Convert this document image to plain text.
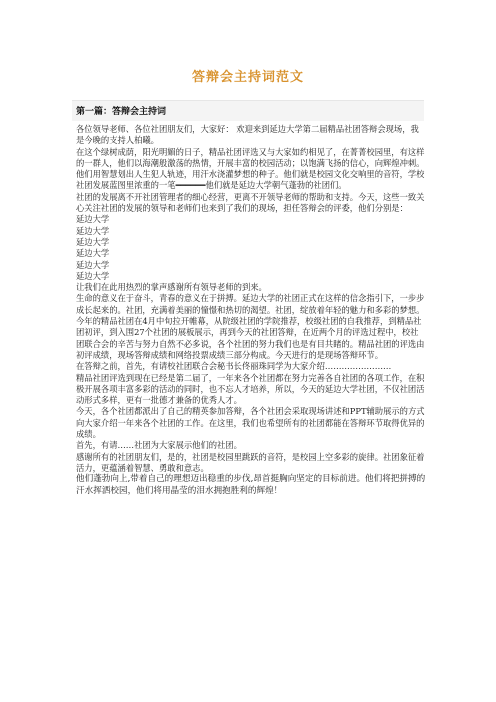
答辩会主持词范文
第一篇：答辩会主持词

各位领导老师、各位社团朋友们，大家好： 欢迎来到延边大学第二届精品社团答辩会现场，我是今晚的支持人柏曦。

在这个绿树成荫，阳光明媚的日子，精品社团评选又与大家如约相见了，在菁菁校园里，有这样的一群人，他们以海潮般激荡的热情，开展丰富的校园活动；以饱满飞扬的信心，向辉煌冲刺。他们用智慧划出人生犯人轨迹，用汗水浇灌梦想的种子。他们就是校园文化交响里的音符，学校社团发展蓝图里浓重的一笔━━━━━━他们就是延边大学朝气蓬勃的社团们。

社团的发展离不开社团管理者的细心经营，更离不开领导老师的帮助和支持。今天，这些一致关心关注社团的发展的领导和老师们也来到了我们的现场，担任答辩会的评委，他们分别是：

延边大学

延边大学

延边大学

延边大学

延边大学

延边大学

让我们在此用热烈的掌声感谢所有领导老师的到来。

生命的意义在于奋斗，青春的意义在于拼搏。延边大学的社团正式在这样的信念指引下，一步步成长起来的。社团，充满着美丽的憧憬和热切的渴望。社团，绽放着年轻的魅力和多彩的梦想。

今年的精品社团在4月中旬拉开帷幕，从院级社团的学院推荐，校级社团的自我推荐，到精品社团初评，到入围27个社团的展板展示，再到今天的社团答辩，在近两个月的评选过程中，校社团联合会的辛苦与努力自然不必多说，各个社团的努力我们也是有目共睹的。精品社团的评选由初评成绩，现场答辩成绩和网络投票成绩三部分构成。今天进行的是现场答辩环节。

在答辩之前，首先，有请校社团联合会秘书长佟丽珠同学为大家介绍……………………

精品社团评选到现在已经是第二届了，一年来各个社团都在努力完善各自社团的各项工作，在积极开展各项丰富多彩的活动的同时，也不忘人才培养，所以，今天的延边大学社团，不仅社团活动形式多样，更有一批德才兼备的优秀人才。

今天，各个社团都派出了自己的精英参加答辩，各个社团会采取现场讲述和PPT辅助展示的方式向大家介绍一年来各个社团的工作。在这里，我们也希望所有的社团都能在答辩环节取得优异的成绩。

首先，有请……社团为大家展示他们的社团。

感谢所有的社团朋友们，是的，社团是校园里跳跃的音符，是校园上空多彩的旋律。社团象征着活力，更蕴涵着智慧、勇敢和意志。

他们蓬勃向上,带着自己的理想迈出稳重的步伐,昂首挺胸向坚定的目标前进。他们将把拼搏的汗水挥洒校园，他们将用晶莹的泪水拥抱胜利的辉煌！
